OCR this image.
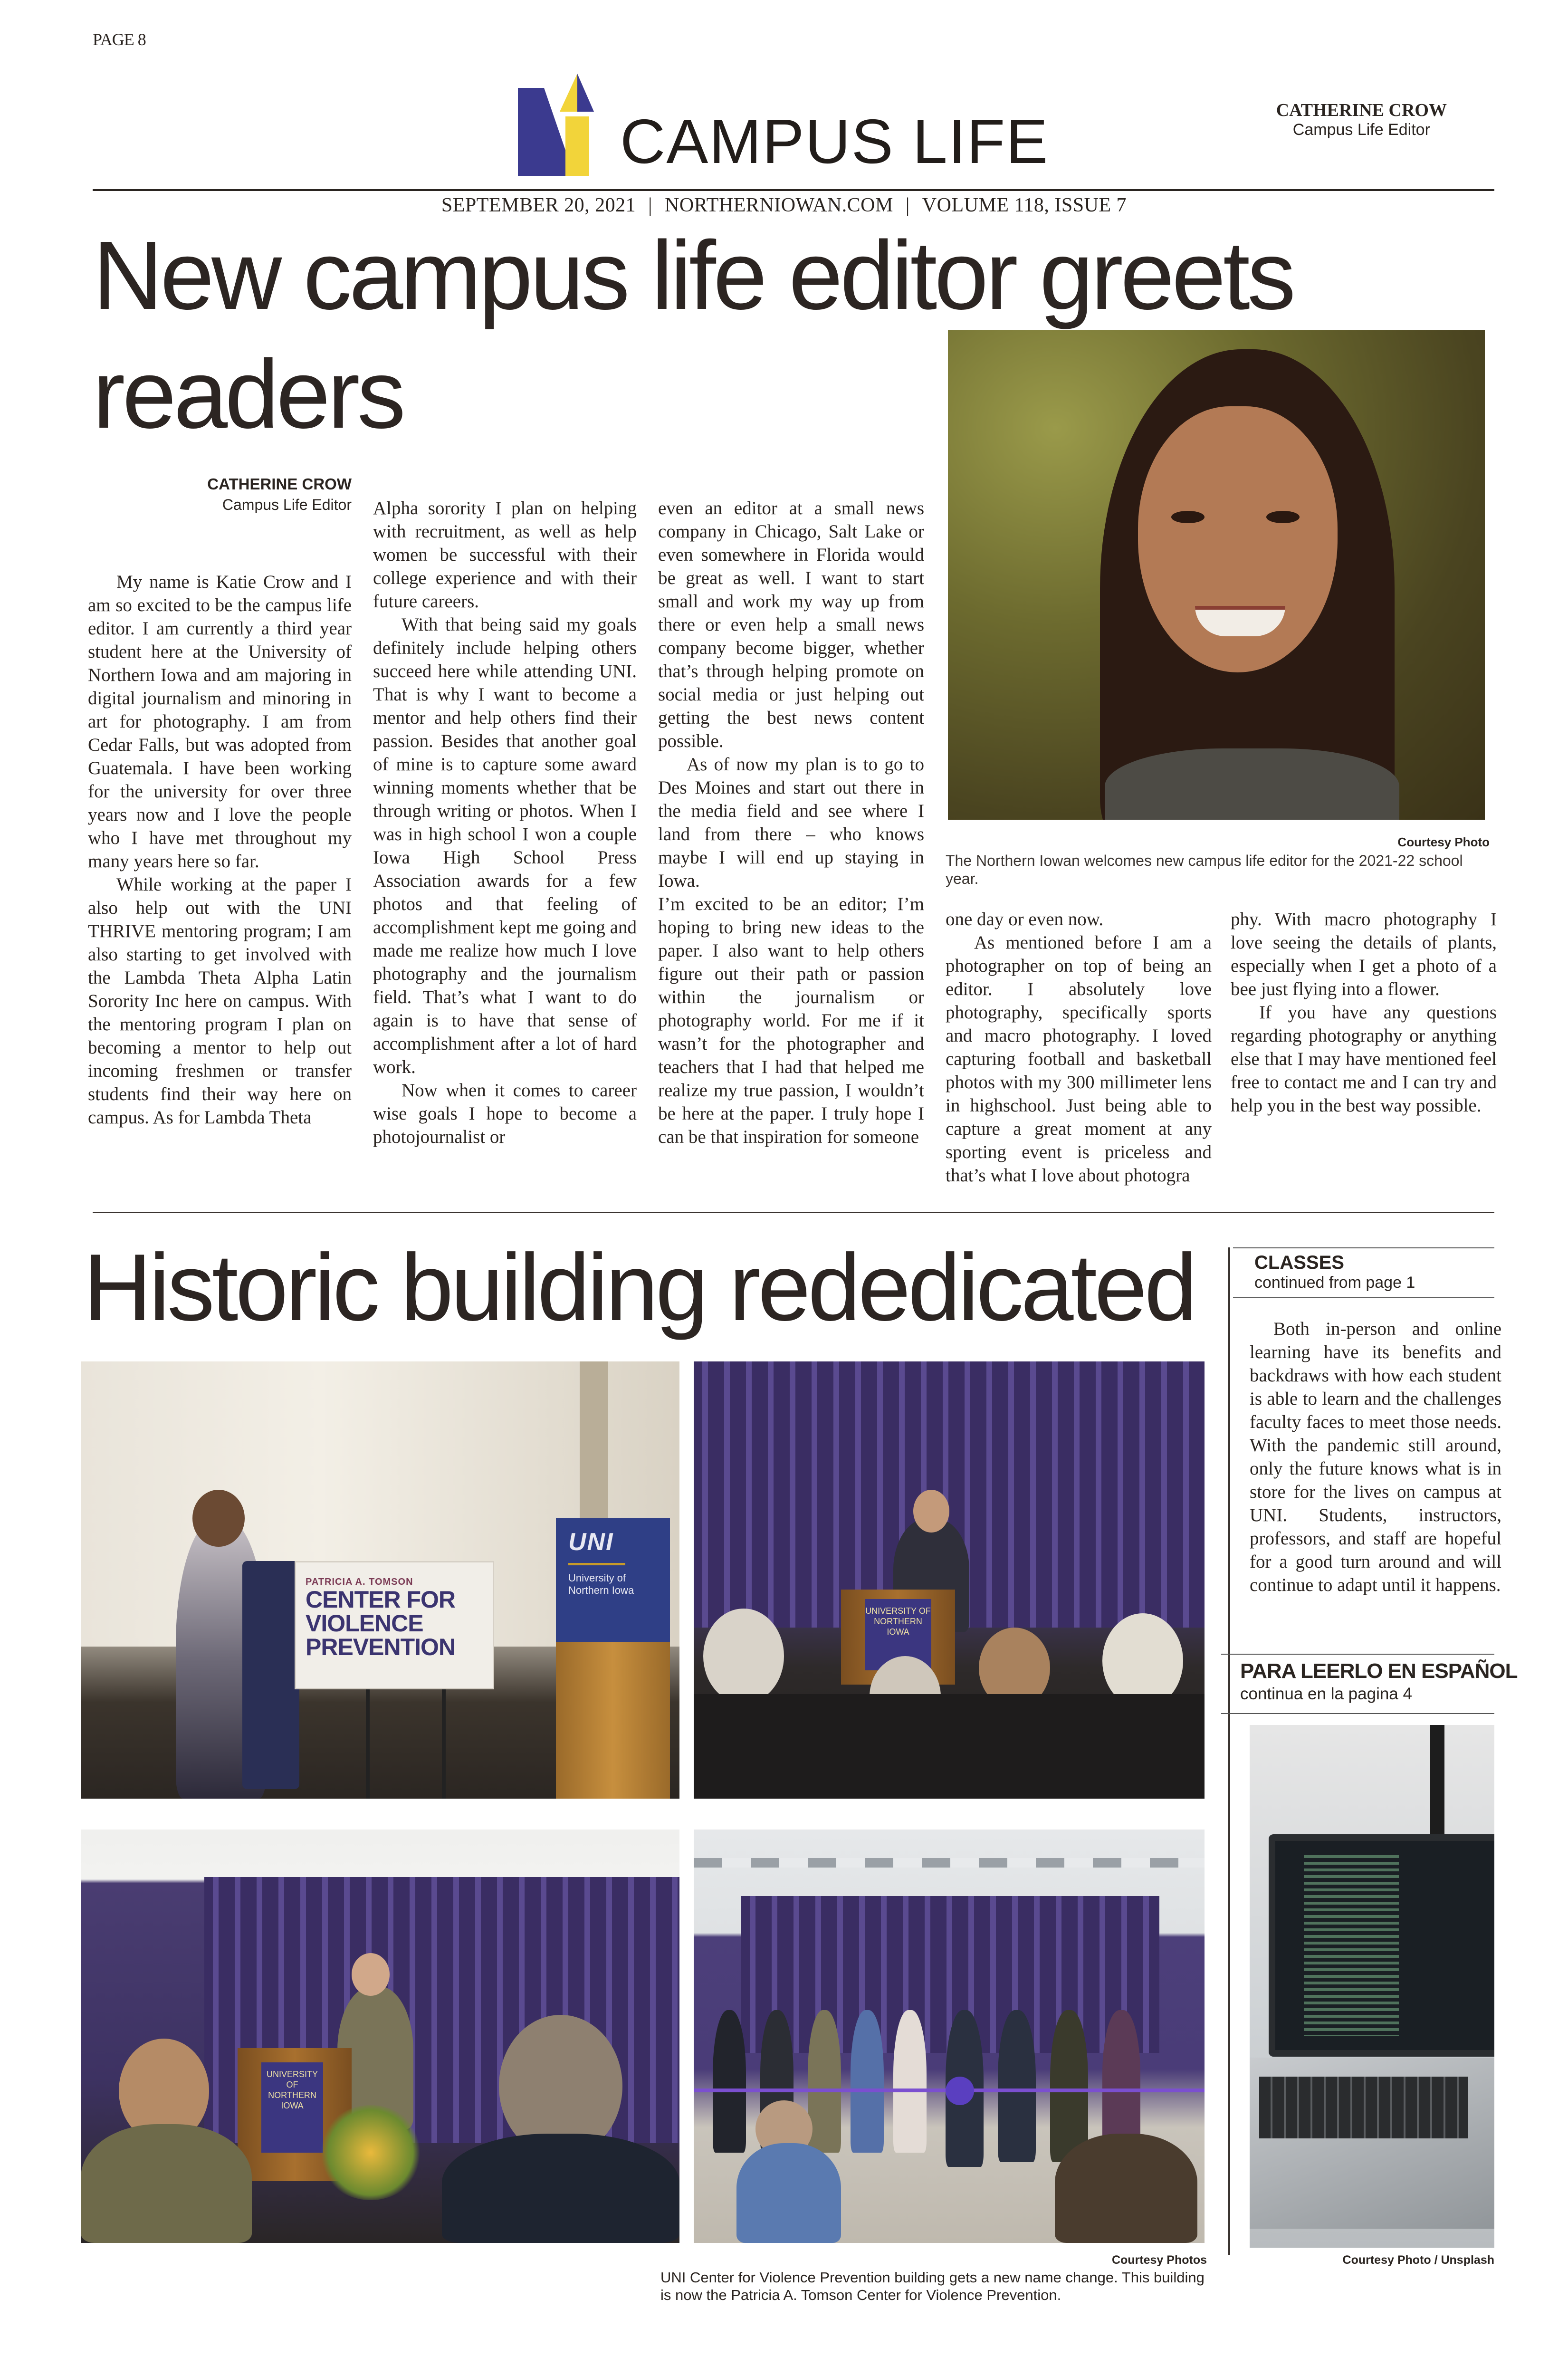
PAGE 8
CAMPUS LIFE	CATHERINE CROW
Campus Life Editor
SEPTEMBER 20, 2021 | NORTHERNIOWAN.COM | VOLUME 118, ISSUE 7
New campus life editor greets readers
CATHERINE CROW
Campus Life Editor

My name is Katie Crow and I am so excited to be the campus life editor. I am currently a third year student here at the University of Northern Iowa and am majoring in digital journalism and minoring in art for photography. I am from Cedar Falls, but was adopted from Guatemala. I have been working for the university for over three years now and I love the people who I have met throughout my many years here so far.

While working at the paper I also help out with the UNI THRIVE mentoring program; I am also starting to get involved with the Lambda Theta Alpha Latin Sorority Inc here on campus. With the mentoring program I plan on becoming a mentor to help out incoming freshmen or transfer students find their way here on campus. As for Lambda Theta

Alpha sorority I plan on helping with recruitment, as well as help women be successful with their college experience and with their future careers.

With that being said my goals definitely include helping others succeed here while attending UNI. That is why I want to become a mentor and help others find their passion. Besides that another goal of mine is to capture some award winning moments whether that be through writing or photos. When I was in high school I won a couple Iowa High School Press Association awards for a few photos and that feeling of accomplishment kept me going and made me realize how much I love photography and the journalism field. That’s what I want to do again is to have that sense of accomplishment after a lot of hard work.

Now when it comes to career wise goals I hope to become a photojournalist or

even an editor at a small news company in Chicago, Salt Lake or even somewhere in Florida would be great as well. I want to start small and work my way up from there or even help a small news company become bigger, whether that’s through helping promote on social media or just helping out getting the best news content possible.

As of now my plan is to go to Des Moines and start out there in the media field and see where I land from there – who knows maybe I will end up staying in Iowa.

I’m excited to be an editor; I’m hoping to bring new ideas to the paper. I also want to help others figure out their path or passion within the journalism or photography world. For me if it wasn’t for the photographer and teachers that I had that helped me realize my true passion, I wouldn’t be here at the paper. I truly hope I can be that inspiration for someone

one day or even now.

As mentioned before I am a photographer on top of being an editor. I absolutely love photography, specifically sports and macro photography. I loved capturing football and basketball photos with my 300 millimeter lens in highschool. Just being able to capture a great moment at any sporting event is priceless and that’s what I love about photogra

phy. With macro photography I love seeing the details of plants, especially when I get a photo of a bee just flying into a flower.

If you have any questions regarding photography or anything else that I may have mentioned feel free to contact me and I can try and help you in the best way possible.

Courtesy Photo
The Northern Iowan welcomes new campus life editor for the 2021-22 school year.
Historic building rededicated
PATRICIA A. TOMSON
CENTER FOR
VIOLENCE
PREVENTION
UNI
University of
Northern Iowa
UNIVERSITY OF NORTHERN IOWA
UNIVERSITY OF NORTHERN IOWA
Courtesy Photos
UNI Center for Violence Prevention building gets a new name change. This building is now the Patricia A. Tomson Center for Violence Prevention.
CLASSES
continued from page 1

Both in-person and online learning have its benefits and backdraws with how each student is able to learn and the challenges faculty faces to meet those needs. With the pandemic still around, only the future knows what is in store for the lives on campus at UNI. Students, instructors, professors, and staff are hopeful for a good turn around and will continue to adapt until it happens.

PARA LEERLO EN ESPAÑOL
continua en la pagina 4
Courtesy Photo / Unsplash
